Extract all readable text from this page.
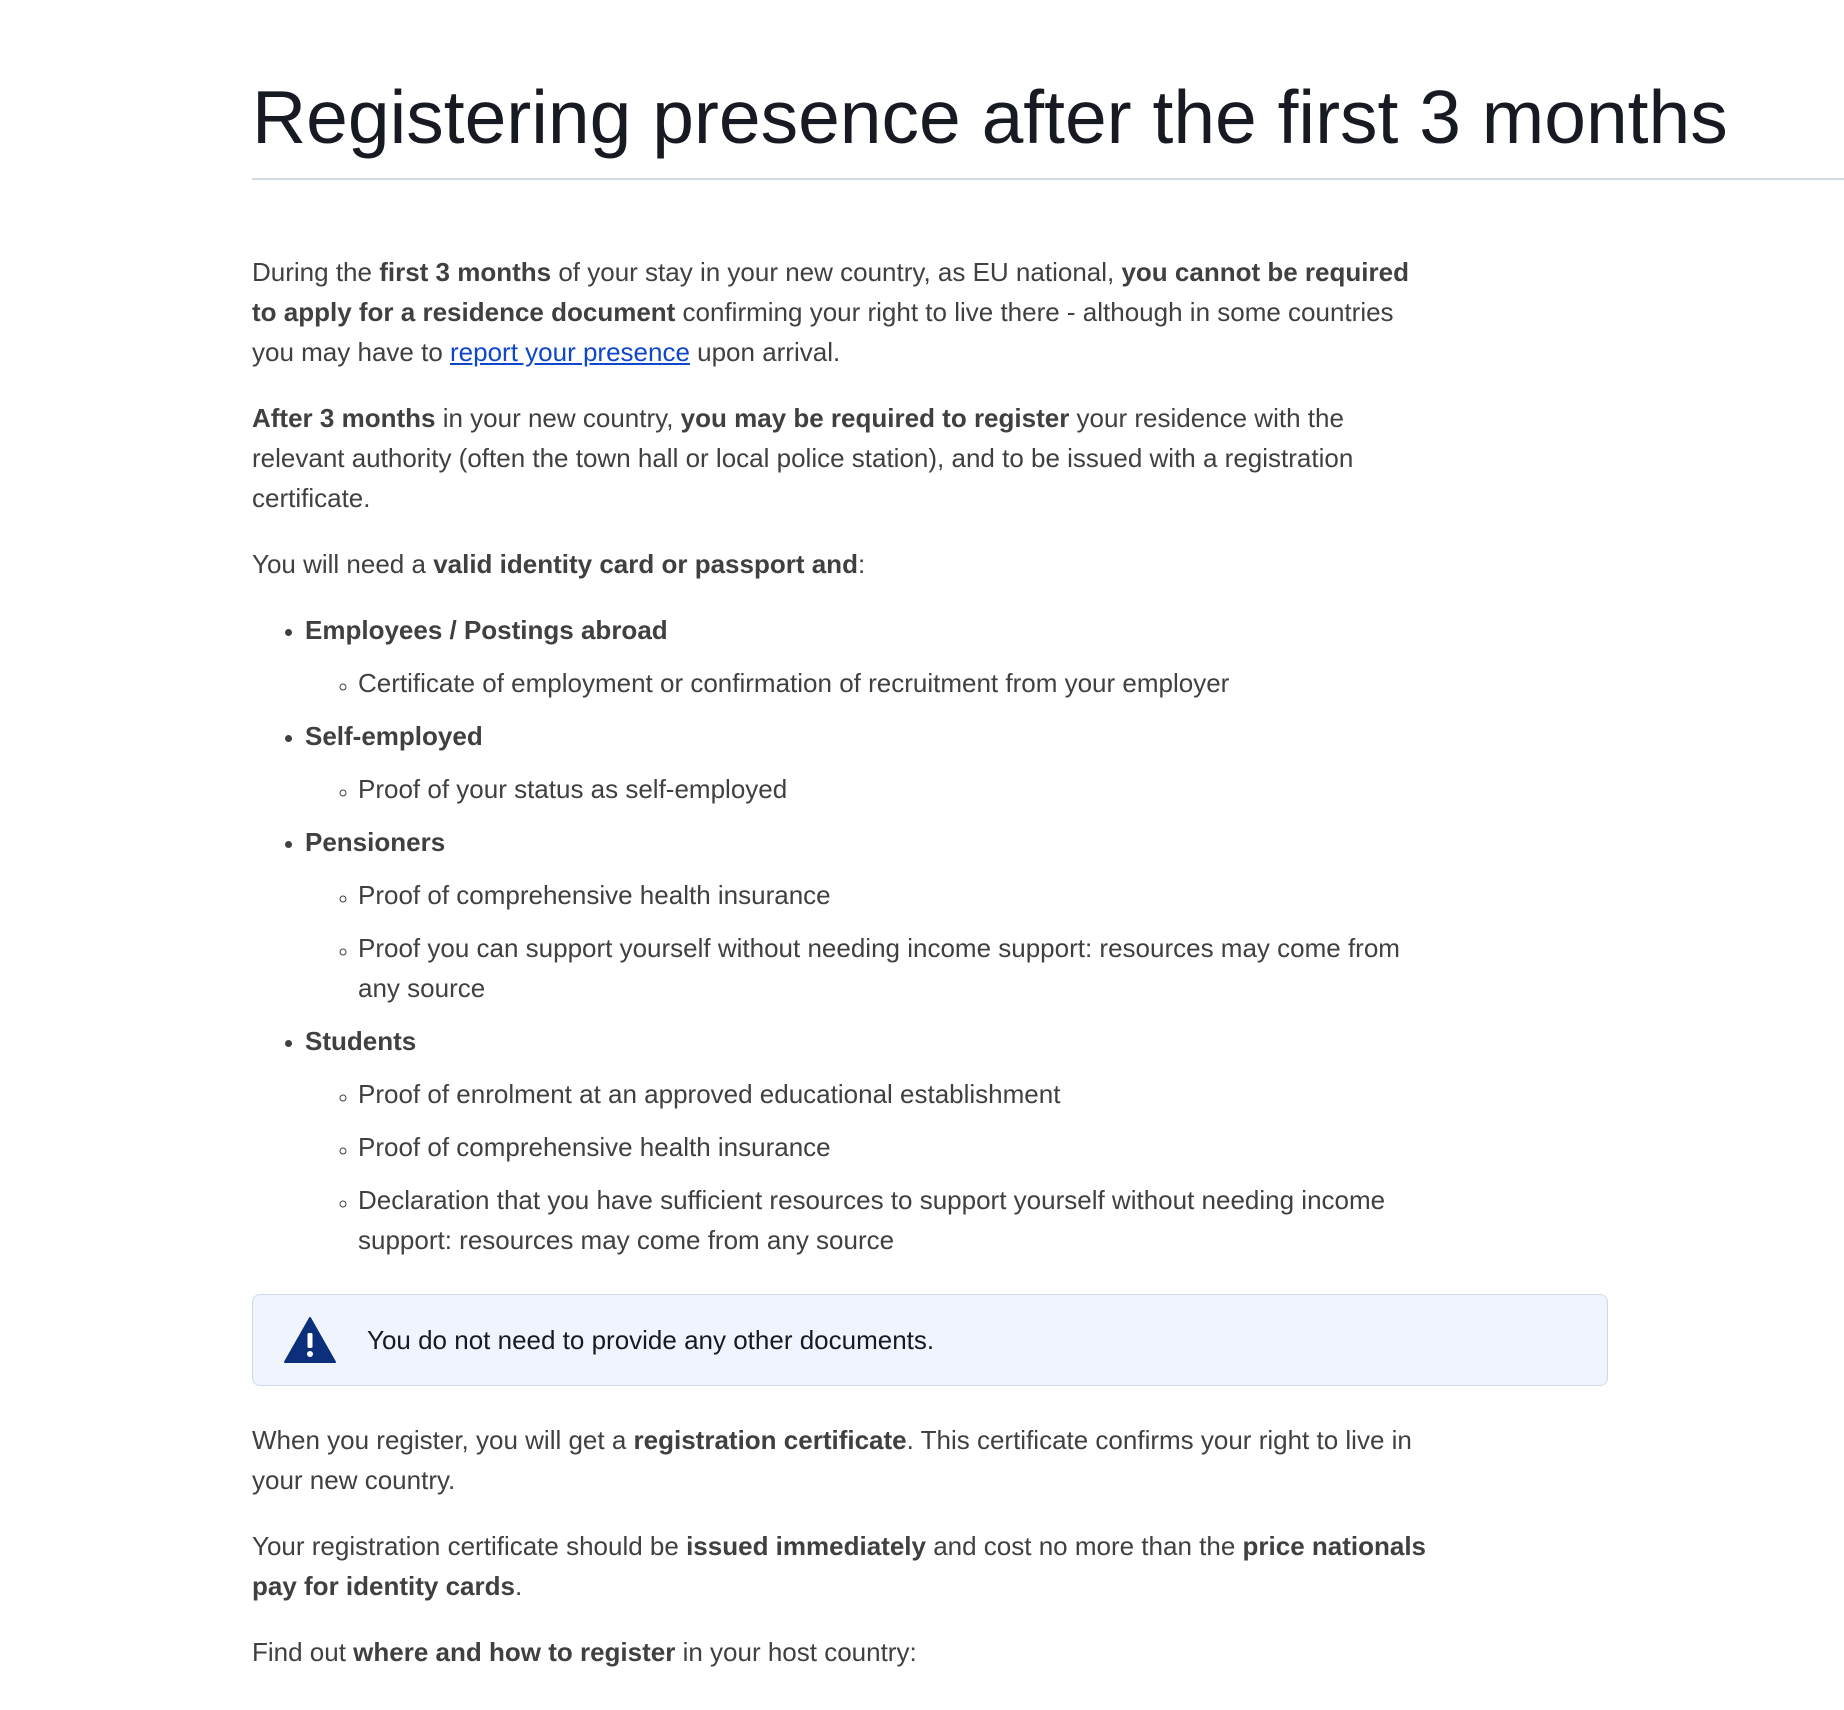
Registering presence after the first 3 months

During the first 3 months of your stay in your new country, as EU national, you cannot be required to apply for a residence document confirming your right to live there - although in some countries you may have to report your presence upon arrival.

After 3 months in your new country, you may be required to register your residence with the relevant authority (often the town hall or local police station), and to be issued with a registration certificate.

You will need a valid identity card or passport and:

• Employees / Postings abroad
◦ Certificate of employment or confirmation of recruitment from your employer
• Self-employed
◦ Proof of your status as self-employed
• Pensioners
◦ Proof of comprehensive health insurance
◦ Proof you can support yourself without needing income support: resources may come from any source
• Students
◦ Proof of enrolment at an approved educational establishment
◦ Proof of comprehensive health insurance
◦ Declaration that you have sufficient resources to support yourself without needing income support: resources may come from any source
You do not need to provide any other documents.

When you register, you will get a registration certificate. This certificate confirms your right to live in your new country.

Your registration certificate should be issued immediately and cost no more than the price nationals pay for identity cards.

Find out where and how to register in your host country:
